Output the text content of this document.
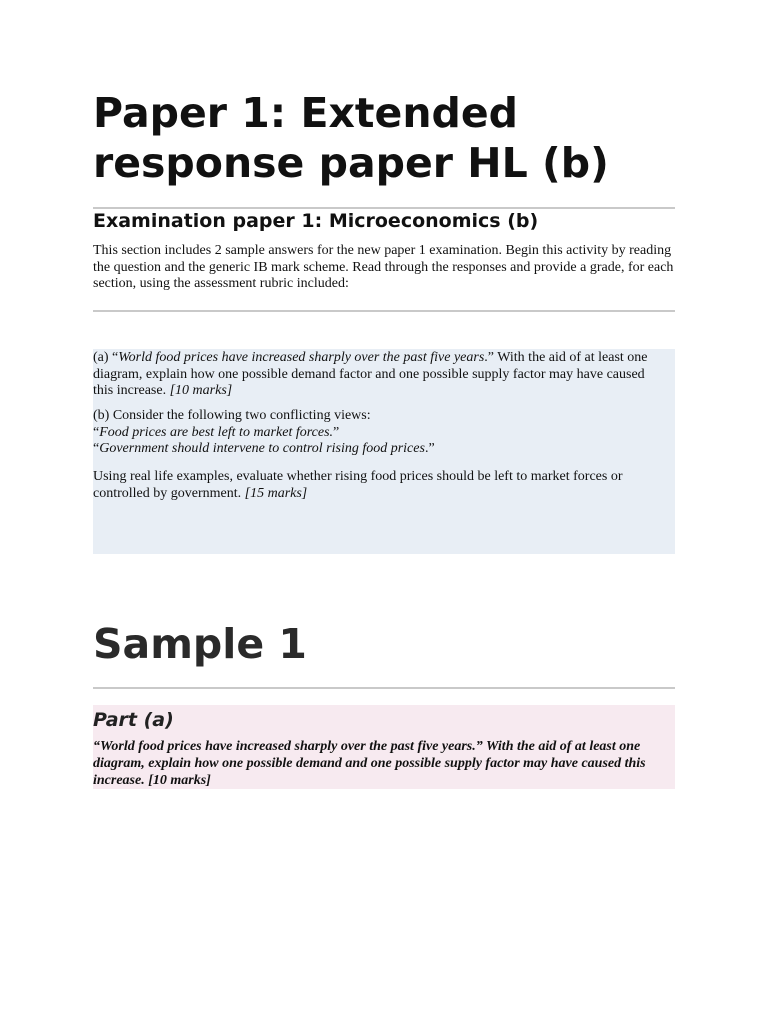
Paper 1: Extended response paper HL (b)
Examination paper 1: Microeconomics (b)

This section includes 2 sample answers for the new paper 1 examination. Begin this activity by reading the question and the generic IB mark scheme. Read through the responses and provide a grade, for each section, using the assessment rubric included:

(a) “World food prices have increased sharply over the past five years.” With the aid of at least one diagram, explain how one possible demand factor and one possible supply factor may have caused this increase. [10 marks]

(b) Consider the following two conflicting views:
“Food prices are best left to market forces.”
“Government should intervene to control rising food prices.”

Using real life examples, evaluate whether rising food prices should be left to market forces or controlled by government. [15 marks]

Sample 1
Part (a)

“World food prices have increased sharply over the past five years.” With the aid of at least one diagram, explain how one possible demand and one possible supply factor may have caused this increase. [10 marks]
